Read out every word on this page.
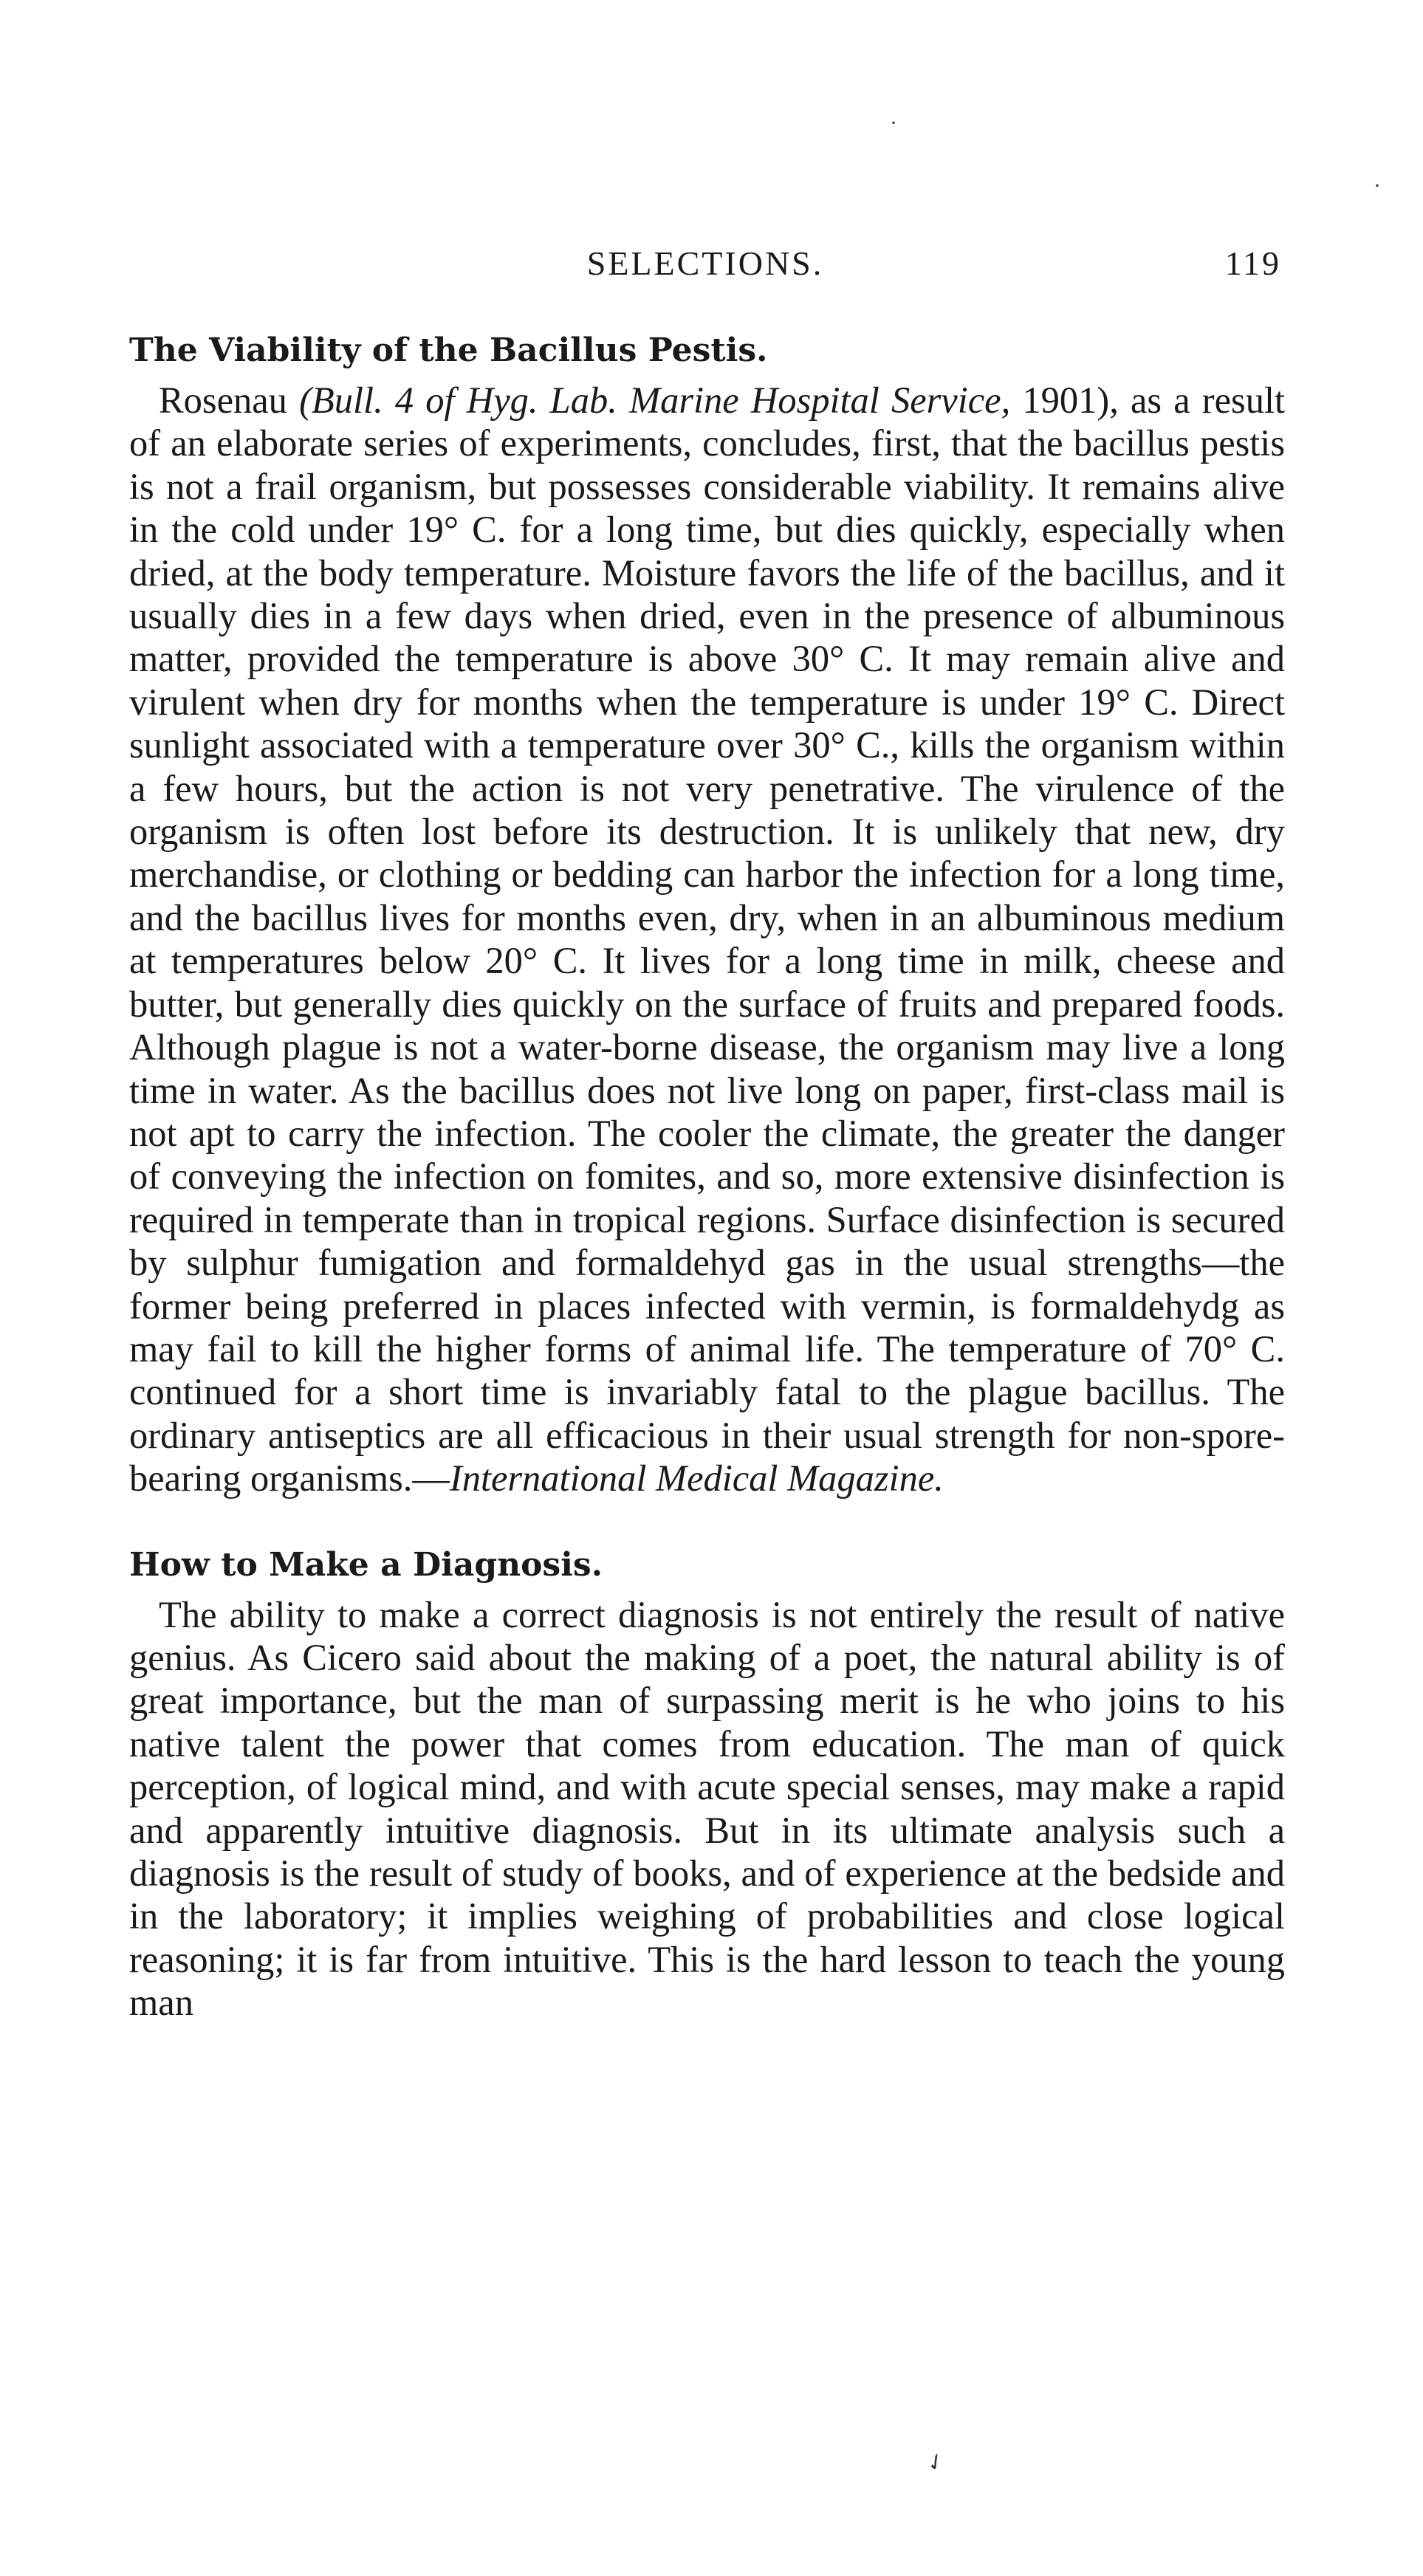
·
·
SELECTIONS.	119
The Viability of the Bacillus Pestis.

Rosenau (Bull. 4 of Hyg. Lab. Marine Hospital Service, 1901), as a result of an elaborate series of experiments, concludes, first, that the bacillus pestis is not a frail organism, but possesses considerable viability. It remains alive in the cold under 19° C. for a long time, but dies quickly, especially when dried, at the body temperature. Moisture favors the life of the bacillus, and it usually dies in a few days when dried, even in the presence of albuminous matter, provided the temperature is above 30° C. It may remain alive and virulent when dry for months when the temperature is under 19° C. Direct sunlight associated with a temperature over 30° C., kills the organism within a few hours, but the action is not very penetrative. The virulence of the organism is often lost before its destruction. It is unlikely that new, dry merchandise, or clothing or bedding can harbor the infection for a long time, and the bacillus lives for months even, dry, when in an albuminous medium at temperatures below 20° C. It lives for a long time in milk, cheese and butter, but generally dies quickly on the surface of fruits and prepared foods. Although plague is not a water-borne disease, the organism may live a long time in water. As the bacillus does not live long on paper, first-class mail is not apt to carry the infection. The cooler the climate, the greater the danger of conveying the infection on fomites, and so, more extensive disinfection is required in temperate than in tropical regions. Surface disinfection is secured by sulphur fumigation and formaldehyd gas in the usual strengths—the former being preferred in places infected with vermin, is formaldehydg as may fail to kill the higher forms of animal life. The temperature of 70° C. continued for a short time is invariably fatal to the plague bacillus. The ordinary antiseptics are all efficacious in their usual strength for non-spore-bearing organisms.—International Medical Magazine.

How to Make a Diagnosis.

The ability to make a correct diagnosis is not entirely the result of native genius. As Cicero said about the making of a poet, the natural ability is of great importance, but the man of surpassing merit is he who joins to his native talent the power that comes from education. The man of quick perception, of logical mind, and with acute special senses, may make a rapid and apparently intuitive diagnosis. But in its ultimate analysis such a diagnosis is the result of study of books, and of experience at the bedside and in the laboratory; it implies weighing of probabilities and close logical reasoning; it is far from intuitive. This is the hard lesson to teach the young man

✓
